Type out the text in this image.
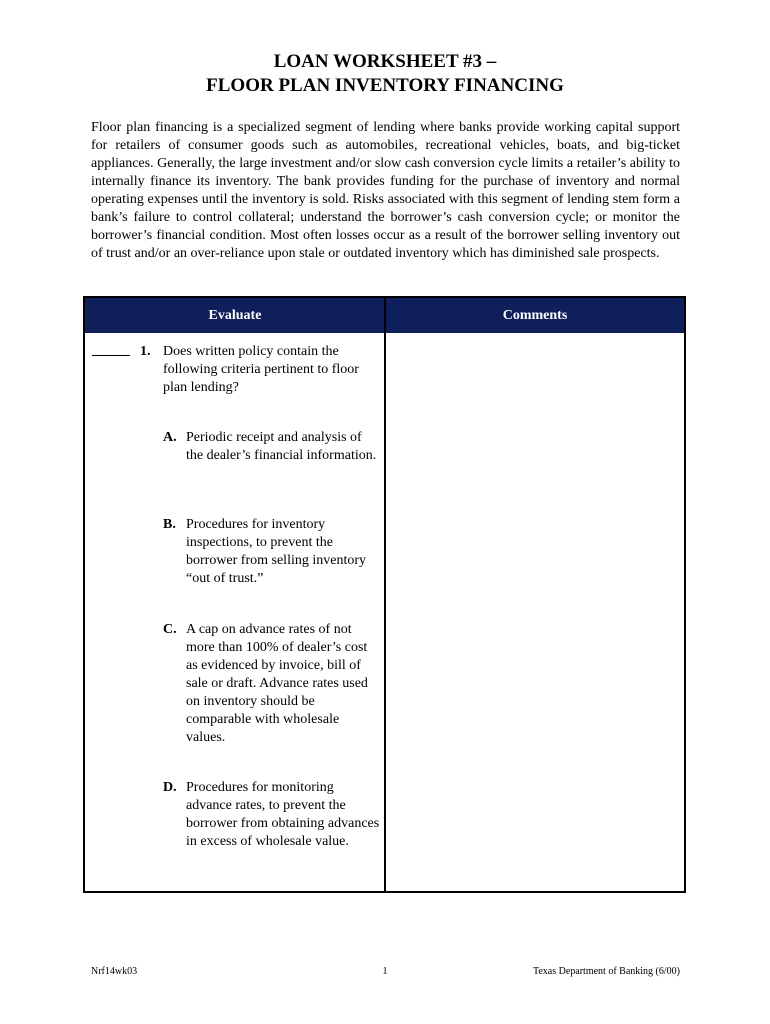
LOAN WORKSHEET #3 –
FLOOR PLAN INVENTORY FINANCING
Floor plan financing is a specialized segment of lending where banks provide working capital support for retailers of consumer goods such as automobiles, recreational vehicles, boats, and big-ticket appliances. Generally, the large investment and/or slow cash conversion cycle limits a retailer’s ability to internally finance its inventory. The bank provides funding for the purchase of inventory and normal operating expenses until the inventory is sold. Risks associated with this segment of lending stem form a bank’s failure to control collateral; understand the borrower’s cash conversion cycle; or monitor the borrower’s financial condition. Most often losses occur as a result of the borrower selling inventory out of trust and/or an over-reliance upon stale or outdated inventory which has diminished sale prospects.
Evaluate	Comments
1. Does written policy contain the following criteria pertinent to floor plan lending?
A. Periodic receipt and analysis of the dealer’s financial information.
B. Procedures for inventory inspections, to prevent the borrower from selling inventory “out of trust.”
C. A cap on advance rates of not more than 100% of dealer’s cost as evidenced by invoice, bill of sale or draft. Advance rates used on inventory should be comparable with wholesale values.
D. Procedures for monitoring advance rates, to prevent the borrower from obtaining advances in excess of wholesale value.
Nrf14wk03	1	Texas Department of Banking (6/00)
